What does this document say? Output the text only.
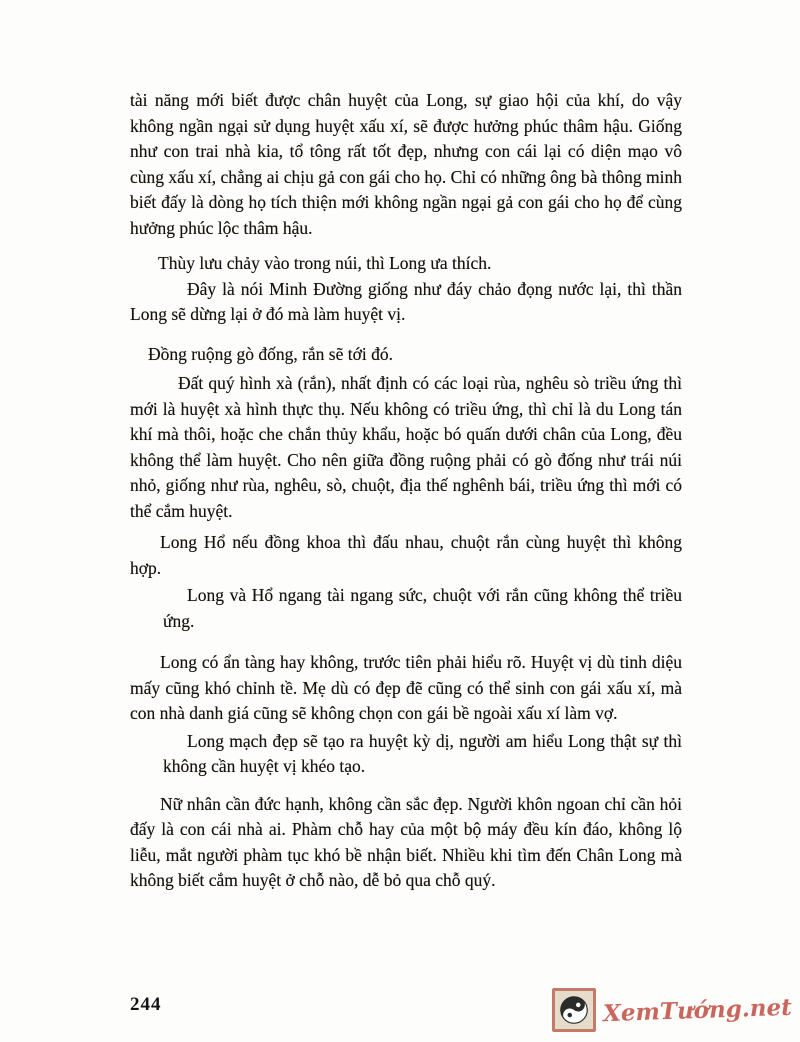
tài năng mới biết được chân huyệt của Long, sự giao hội của khí, do vậy không ngần ngại sử dụng huyệt xấu xí, sẽ được hưởng phúc thâm hậu. Giống như con trai nhà kia, tổ tông rất tốt đẹp, nhưng con cái lại có diện mạo vô cùng xấu xí, chẳng ai chịu gả con gái cho họ. Chỉ có những ông bà thông minh biết đấy là dòng họ tích thiện mới không ngần ngại gả con gái cho họ để cùng hưởng phúc lộc thâm hậu.

Thùy lưu chảy vào trong núi, thì Long ưa thích.

Đây là nói Minh Đường giống như đáy chảo đọng nước lại, thì thần Long sẽ dừng lại ở đó mà làm huyệt vị.

Đồng ruộng gò đống, rắn sẽ tới đó.

Đất quý hình xà (rắn), nhất định có các loại rùa, nghêu sò triều ứng thì mới là huyệt xà hình thực thụ. Nếu không có triều ứng, thì chỉ là du Long tán khí mà thôi, hoặc che chắn thủy khẩu, hoặc bó quấn dưới chân của Long, đều không thể làm huyệt. Cho nên giữa đồng ruộng phải có gò đống như trái núi nhỏ, giống như rùa, nghêu, sò, chuột, địa thế nghênh bái, triều ứng thì mới có thể cắm huyệt.

Long Hổ nếu đồng khoa thì đấu nhau, chuột rắn cùng huyệt thì không hợp.

Long và Hổ ngang tài ngang sức, chuột với rắn cũng không thể triều ứng.

Long có ẩn tàng hay không, trước tiên phải hiểu rõ. Huyệt vị dù tinh diệu mấy cũng khó chỉnh tề. Mẹ dù có đẹp đẽ cũng có thể sinh con gái xấu xí, mà con nhà danh giá cũng sẽ không chọn con gái bề ngoài xấu xí làm vợ.

Long mạch đẹp sẽ tạo ra huyệt kỳ dị, người am hiểu Long thật sự thì không cần huyệt vị khéo tạo.

Nữ nhân cần đức hạnh, không cần sắc đẹp. Người khôn ngoan chỉ cần hỏi đấy là con cái nhà ai. Phàm chỗ hay của một bộ máy đều kín đáo, không lộ liễu, mắt người phàm tục khó bề nhận biết. Nhiều khi tìm đến Chân Long mà không biết cắm huyệt ở chỗ nào, dễ bỏ qua chỗ quý.

244	XemTướng.net
